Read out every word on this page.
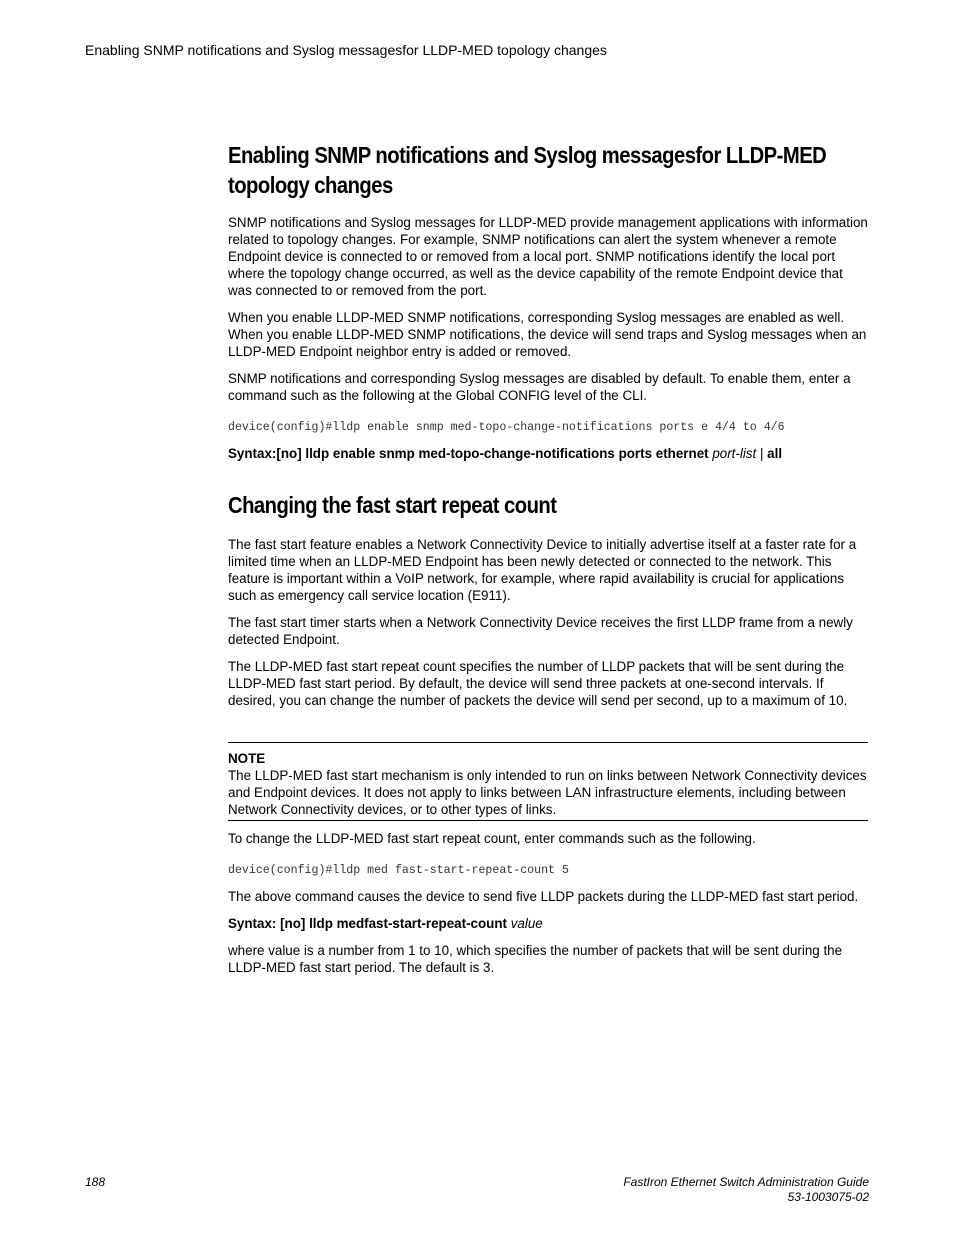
Enabling SNMP notifications and Syslog messagesfor LLDP-MED topology changes
Enabling SNMP notifications and Syslog messagesfor LLDP-MED
topology changes

SNMP notifications and Syslog messages for LLDP-MED provide management applications with information related to topology changes. For example, SNMP notifications can alert the system whenever a remote Endpoint device is connected to or removed from a local port. SNMP notifications identify the local port where the topology change occurred, as well as the device capability of the remote Endpoint device that was connected to or removed from the port.

When you enable LLDP-MED SNMP notifications, corresponding Syslog messages are enabled as well. When you enable LLDP-MED SNMP notifications, the device will send traps and Syslog messages when an LLDP-MED Endpoint neighbor entry is added or removed.

SNMP notifications and corresponding Syslog messages are disabled by default. To enable them, enter a command such as the following at the Global CONFIG level of the CLI.

device(config)#lldp enable snmp med-topo-change-notifications ports e 4/4 to 4/6
Syntax:[no] lldp enable snmp med-topo-change-notifications ports ethernet port-list | all
Changing the fast start repeat count

The fast start feature enables a Network Connectivity Device to initially advertise itself at a faster rate for a limited time when an LLDP-MED Endpoint has been newly detected or connected to the network. This feature is important within a VoIP network, for example, where rapid availability is crucial for applications such as emergency call service location (E911).

The fast start timer starts when a Network Connectivity Device receives the first LLDP frame from a newly detected Endpoint.

The LLDP-MED fast start repeat count specifies the number of LLDP packets that will be sent during the LLDP-MED fast start period. By default, the device will send three packets at one-second intervals. If desired, you can change the number of packets the device will send per second, up to a maximum of 10.

NOTE

The LLDP-MED fast start mechanism is only intended to run on links between Network Connectivity devices and Endpoint devices. It does not apply to links between LAN infrastructure elements, including between Network Connectivity devices, or to other types of links.

To change the LLDP-MED fast start repeat count, enter commands such as the following.

device(config)#lldp med fast-start-repeat-count 5

The above command causes the device to send five LLDP packets during the LLDP-MED fast start period.

Syntax: [no] lldp medfast-start-repeat-count value

where value is a number from 1 to 10, which specifies the number of packets that will be sent during the LLDP-MED fast start period. The default is 3.

188	FastIron Ethernet Switch Administration Guide
53-1003075-02
